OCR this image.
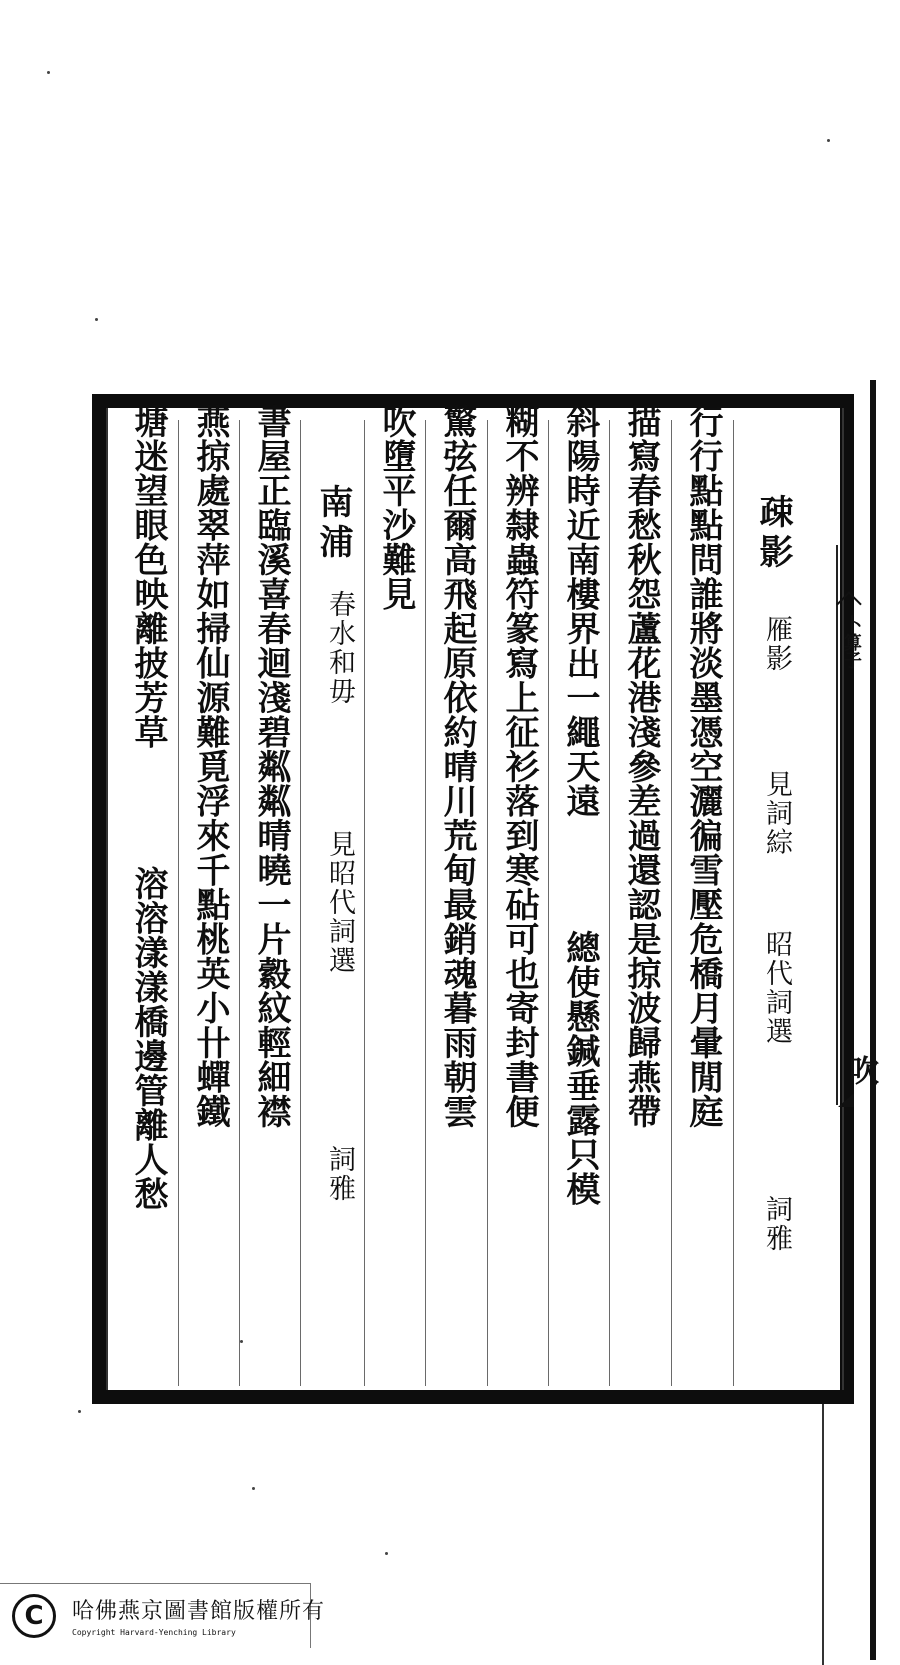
卜算子
吹
疎影
雁影
見詞綜
昭代詞選
詞雅
行行點點問誰將淡墨憑空灑徧雪壓危橋月暈閒庭
描寫春愁秋怨蘆花港淺參差過還認是掠波歸燕帶
斜陽時近南樓界出一繩天遠
總使懸鍼垂露只模
糊不辨隸蟲符篆寫上征衫落到寒砧可也寄封書便
驚弦任爾高飛起原依約晴川荒甸最銷魂暮雨朝雲
吹墮平沙難見
南浦
春水和毋
見昭代詞選
詞雅
書屋正臨溪喜春迴淺碧粼粼晴曉一片縠紋輕細襟
燕掠處翠萍如掃仙源難覓浮來千點桃英小卄蟬鐵
塘迷望眼色映離披芳草
溶溶漾漾橋邊管離人愁
C	哈佛燕京圖書館版權所有
Copyright Harvard-Yenching Library
